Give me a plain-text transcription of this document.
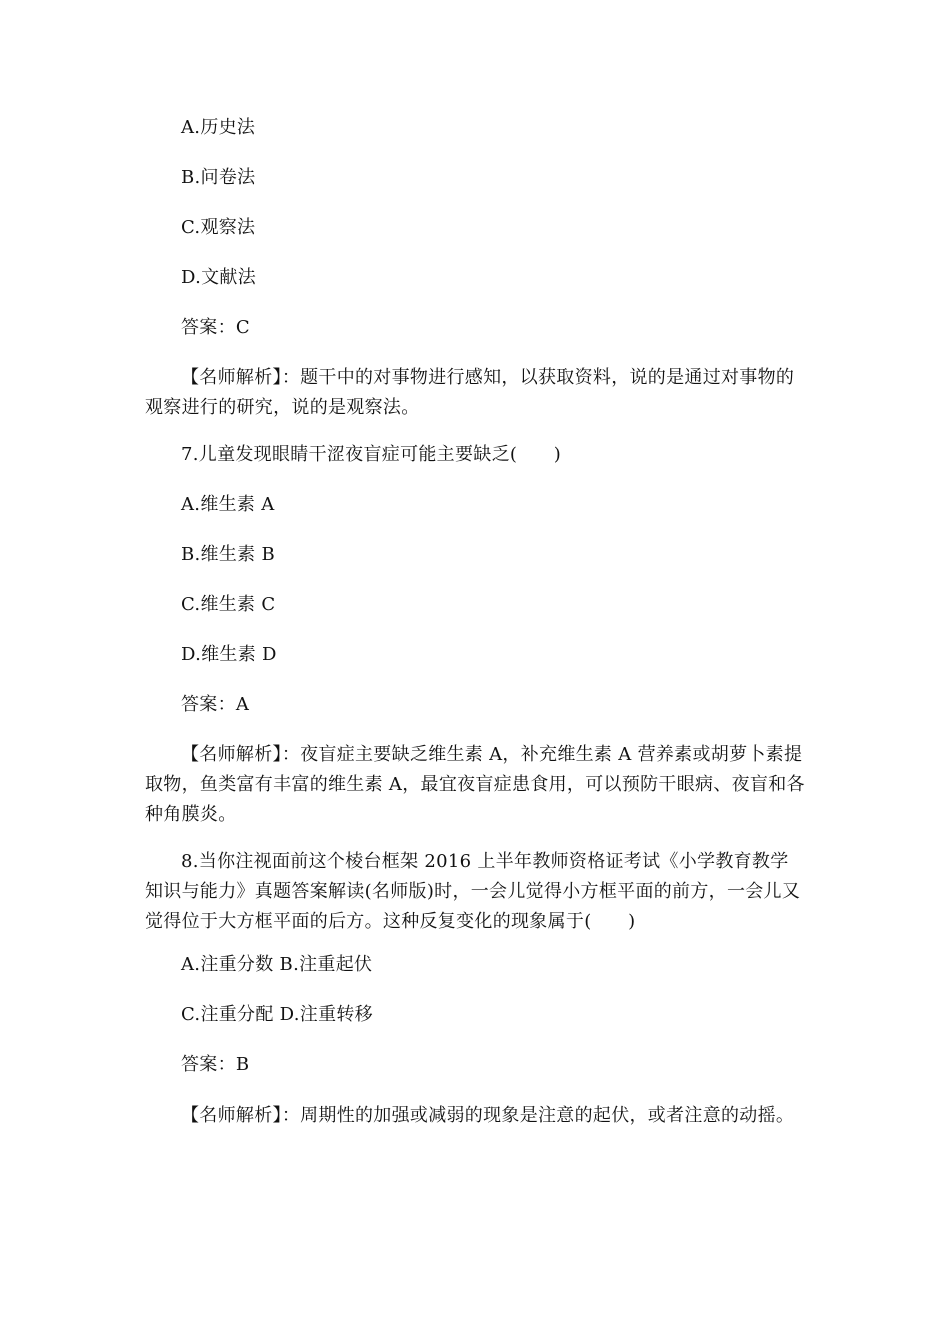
A.历史法
B.问卷法
C.观察法
D.文献法
答案：C
【名师解析】：题干中的对事物进行感知，以获取资料，说的是通过对事物的观察进行的研究，说的是观察法。
7.儿童发现眼睛干涩夜盲症可能主要缺乏(　　)
A.维生素 A
B.维生素 B
C.维生素 C
D.维生素 D
答案：A
【名师解析】：夜盲症主要缺乏维生素 A，补充维生素 A 营养素或胡萝卜素提取物，鱼类富有丰富的维生素 A，最宜夜盲症患食用，可以预防干眼病、夜盲和各种角膜炎。
8.当你注视面前这个棱台框架 2016 上半年教师资格证考试《小学教育教学知识与能力》真题答案解读(名师版)时，一会儿觉得小方框平面的前方，一会儿又觉得位于大方框平面的后方。这种反复变化的现象属于(　　)
A.注重分数 B.注重起伏
C.注重分配 D.注重转移
答案：B
【名师解析】：周期性的加强或减弱的现象是注意的起伏，或者注意的动摇。
